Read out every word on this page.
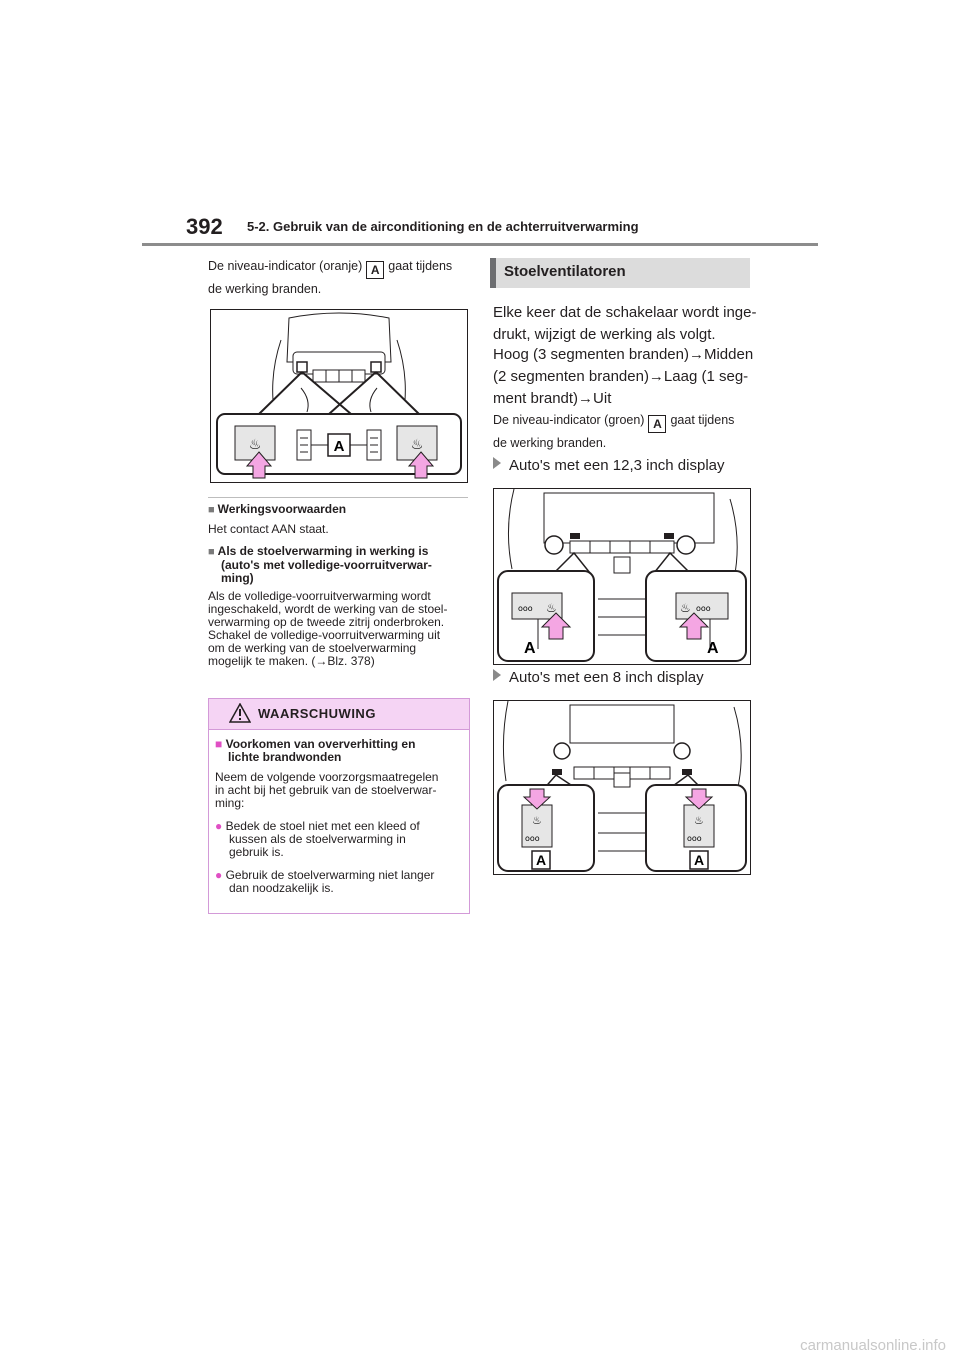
392 5-2. Gebruik van de airconditioning en de achterruitverwarming
De niveau-indicator (oranje) A gaat tijdens
de werking branden.
♨	♨
A
■ Werkingsvoorwaarden
Het contact AAN staat.
■ Als de stoelverwarming in werking is
(auto's met volledige-voorruitverwar-
ming)
Als de volledige-voorruitverwarming wordt
ingeschakeld, wordt de werking van de stoel-
verwarming op de tweede zitrij onderbroken.
Schakel de volledige-voorruitverwarming uit
om de werking van de stoelverwarming
mogelijk te maken. (→Blz. 378)
WAARSCHUWING
■ Voorkomen van oververhitting en
lichte brandwonden
Neem de volgende voorzorgsmaatregelen
in acht bij het gebruik van de stoelverwar-
ming:
● Bedek de stoel niet met een kleed of
kussen als de stoelverwarming in
gebruik is.
● Gebruik de stoelverwarming niet langer
dan noodzakelijk is.
Stoelventilatoren
Elke keer dat de schakelaar wordt inge-
drukt, wijzigt de werking als volgt.
Hoog (3 segmenten branden)→Midden
(2 segmenten branden)→Laag (1 seg-
ment brandt)→Uit
De niveau-indicator (groen) A gaat tijdens
de werking branden.
Auto's met een 12,3 inch display
ooo ♨	♨ ooo
A	A
Auto's met een 8 inch display
♨
ooo
♨
ooo
A	A
carmanualsonline.info
